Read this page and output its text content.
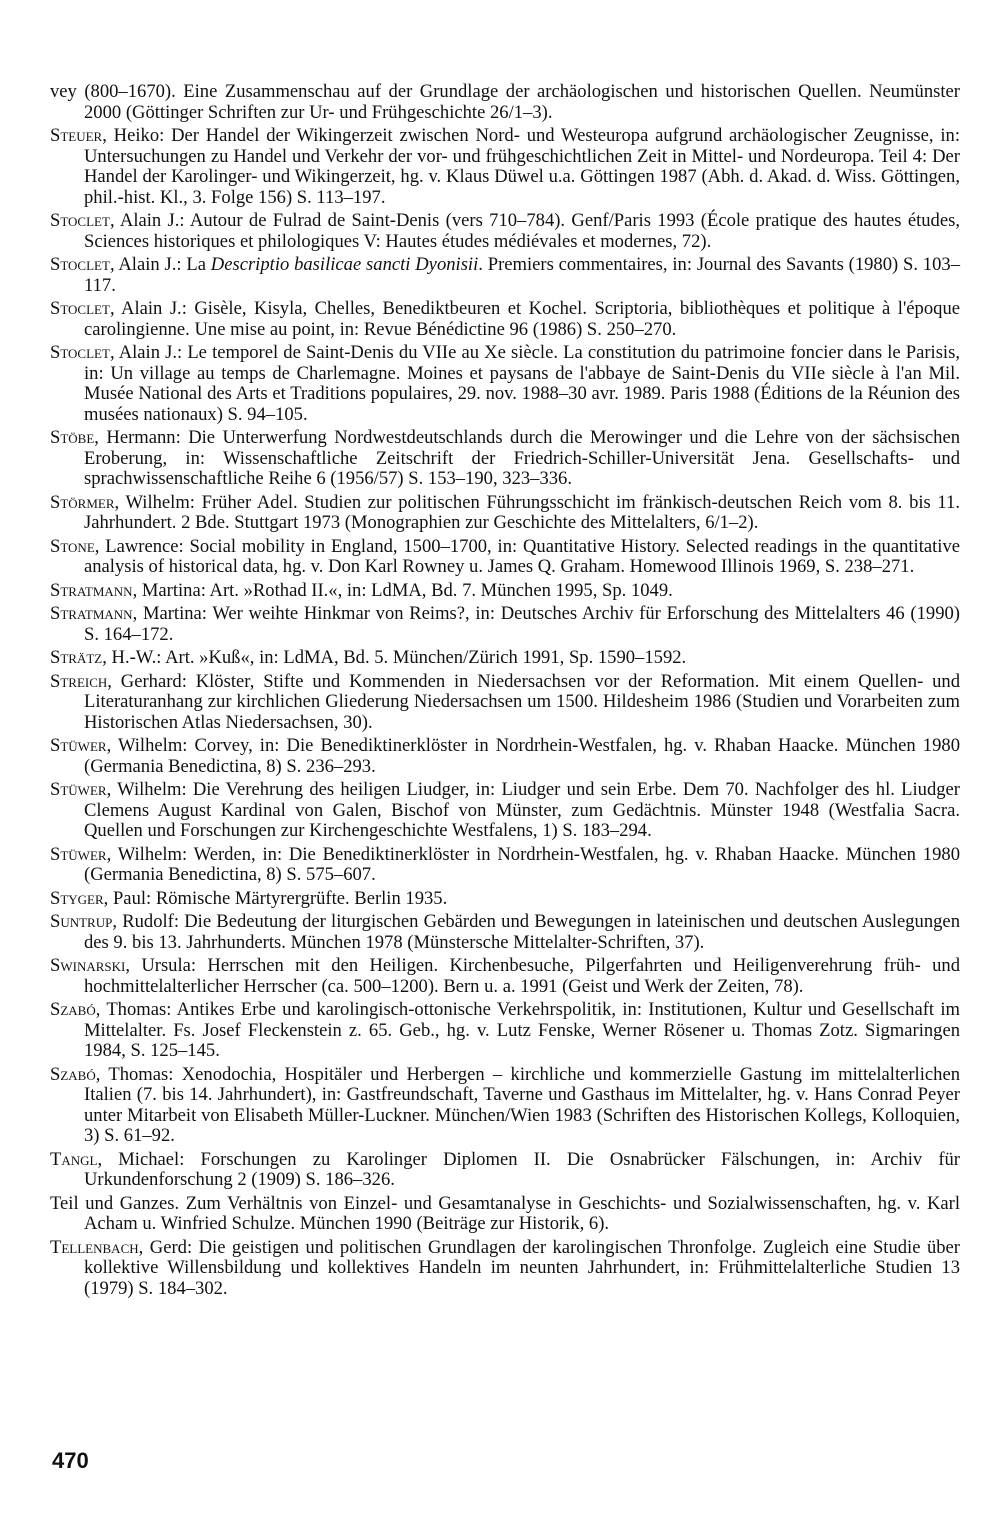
vey (800–1670). Eine Zusammenschau auf der Grundlage der archäologischen und historischen Quellen. Neumünster 2000 (Göttinger Schriften zur Ur- und Frühgeschichte 26/1–3).

Steuer, Heiko: Der Handel der Wikingerzeit zwischen Nord- und Westeuropa aufgrund archäologischer Zeugnisse, in: Untersuchungen zu Handel und Verkehr der vor- und frühgeschichtlichen Zeit in Mittel- und Nordeuropa. Teil 4: Der Handel der Karolinger- und Wikingerzeit, hg. v. Klaus Düwel u.a. Göttingen 1987 (Abh. d. Akad. d. Wiss. Göttingen, phil.-hist. Kl., 3. Folge 156) S. 113–197.

Stoclet, Alain J.: Autour de Fulrad de Saint-Denis (vers 710–784). Genf/Paris 1993 (École pratique des hautes études, Sciences historiques et philologiques V: Hautes études médiévales et modernes, 72).

Stoclet, Alain J.: La Descriptio basilicae sancti Dyonisii. Premiers commentaires, in: Journal des Savants (1980) S. 103–117.

Stoclet, Alain J.: Gisèle, Kisyla, Chelles, Benediktbeuren et Kochel. Scriptoria, bibliothèques et politique à l'époque carolingienne. Une mise au point, in: Revue Bénédictine 96 (1986) S. 250–270.

Stoclet, Alain J.: Le temporel de Saint-Denis du VIIe au Xe siècle. La constitution du patrimoine foncier dans le Parisis, in: Un village au temps de Charlemagne. Moines et paysans de l'abbaye de Saint-Denis du VIIe siècle à l'an Mil. Musée National des Arts et Traditions populaires, 29. nov. 1988–30 avr. 1989. Paris 1988 (Éditions de la Réunion des musées nationaux) S. 94–105.

Stöbe, Hermann: Die Unterwerfung Nordwestdeutschlands durch die Merowinger und die Lehre von der sächsischen Eroberung, in: Wissenschaftliche Zeitschrift der Friedrich-Schiller-Universität Jena. Gesellschafts- und sprachwissenschaftliche Reihe 6 (1956/57) S. 153–190, 323–336.

Störmer, Wilhelm: Früher Adel. Studien zur politischen Führungsschicht im fränkisch-deutschen Reich vom 8. bis 11. Jahrhundert. 2 Bde. Stuttgart 1973 (Monographien zur Geschichte des Mittelalters, 6/1–2).

Stone, Lawrence: Social mobility in England, 1500–1700, in: Quantitative History. Selected readings in the quantitative analysis of historical data, hg. v. Don Karl Rowney u. James Q. Graham. Homewood Illinois 1969, S. 238–271.

Stratmann, Martina: Art. »Rothad II.«, in: LdMA, Bd. 7. München 1995, Sp. 1049.

Stratmann, Martina: Wer weihte Hinkmar von Reims?, in: Deutsches Archiv für Erforschung des Mittelalters 46 (1990) S. 164–172.

Strätz, H.-W.: Art. »Kuß«, in: LdMA, Bd. 5. München/Zürich 1991, Sp. 1590–1592.

Streich, Gerhard: Klöster, Stifte und Kommenden in Niedersachsen vor der Reformation. Mit einem Quellen- und Literaturanhang zur kirchlichen Gliederung Niedersachsen um 1500. Hildesheim 1986 (Studien und Vorarbeiten zum Historischen Atlas Niedersachsen, 30).

Stüwer, Wilhelm: Corvey, in: Die Benediktinerklöster in Nordrhein-Westfalen, hg. v. Rhaban Haacke. München 1980 (Germania Benedictina, 8) S. 236–293.

Stüwer, Wilhelm: Die Verehrung des heiligen Liudger, in: Liudger und sein Erbe. Dem 70. Nachfolger des hl. Liudger Clemens August Kardinal von Galen, Bischof von Münster, zum Gedächtnis. Münster 1948 (Westfalia Sacra. Quellen und Forschungen zur Kirchengeschichte Westfalens, 1) S. 183–294.

Stüwer, Wilhelm: Werden, in: Die Benediktinerklöster in Nordrhein-Westfalen, hg. v. Rhaban Haacke. München 1980 (Germania Benedictina, 8) S. 575–607.

Styger, Paul: Römische Märtyrergrüfte. Berlin 1935.

Suntrup, Rudolf: Die Bedeutung der liturgischen Gebärden und Bewegungen in lateinischen und deutschen Auslegungen des 9. bis 13. Jahrhunderts. München 1978 (Münstersche Mittelalter-Schriften, 37).

Swinarski, Ursula: Herrschen mit den Heiligen. Kirchenbesuche, Pilgerfahrten und Heiligenverehrung früh- und hochmittelalterlicher Herrscher (ca. 500–1200). Bern u. a. 1991 (Geist und Werk der Zeiten, 78).

Szabó, Thomas: Antikes Erbe und karolingisch-ottonische Verkehrspolitik, in: Institutionen, Kultur und Gesellschaft im Mittelalter. Fs. Josef Fleckenstein z. 65. Geb., hg. v. Lutz Fenske, Werner Rösener u. Thomas Zotz. Sigmaringen 1984, S. 125–145.

Szabó, Thomas: Xenodochia, Hospitäler und Herbergen – kirchliche und kommerzielle Gastung im mittelalterlichen Italien (7. bis 14. Jahrhundert), in: Gastfreundschaft, Taverne und Gasthaus im Mittelalter, hg. v. Hans Conrad Peyer unter Mitarbeit von Elisabeth Müller-Luckner. München/Wien 1983 (Schriften des Historischen Kollegs, Kolloquien, 3) S. 61–92.

Tangl, Michael: Forschungen zu Karolinger Diplomen II. Die Osnabrücker Fälschungen, in: Archiv für Urkundenforschung 2 (1909) S. 186–326.

Teil und Ganzes. Zum Verhältnis von Einzel- und Gesamtanalyse in Geschichts- und Sozialwissenschaften, hg. v. Karl Acham u. Winfried Schulze. München 1990 (Beiträge zur Historik, 6).

Tellenbach, Gerd: Die geistigen und politischen Grundlagen der karolingischen Thronfolge. Zugleich eine Studie über kollektive Willensbildung und kollektives Handeln im neunten Jahrhundert, in: Frühmittelalterliche Studien 13 (1979) S. 184–302.

470
